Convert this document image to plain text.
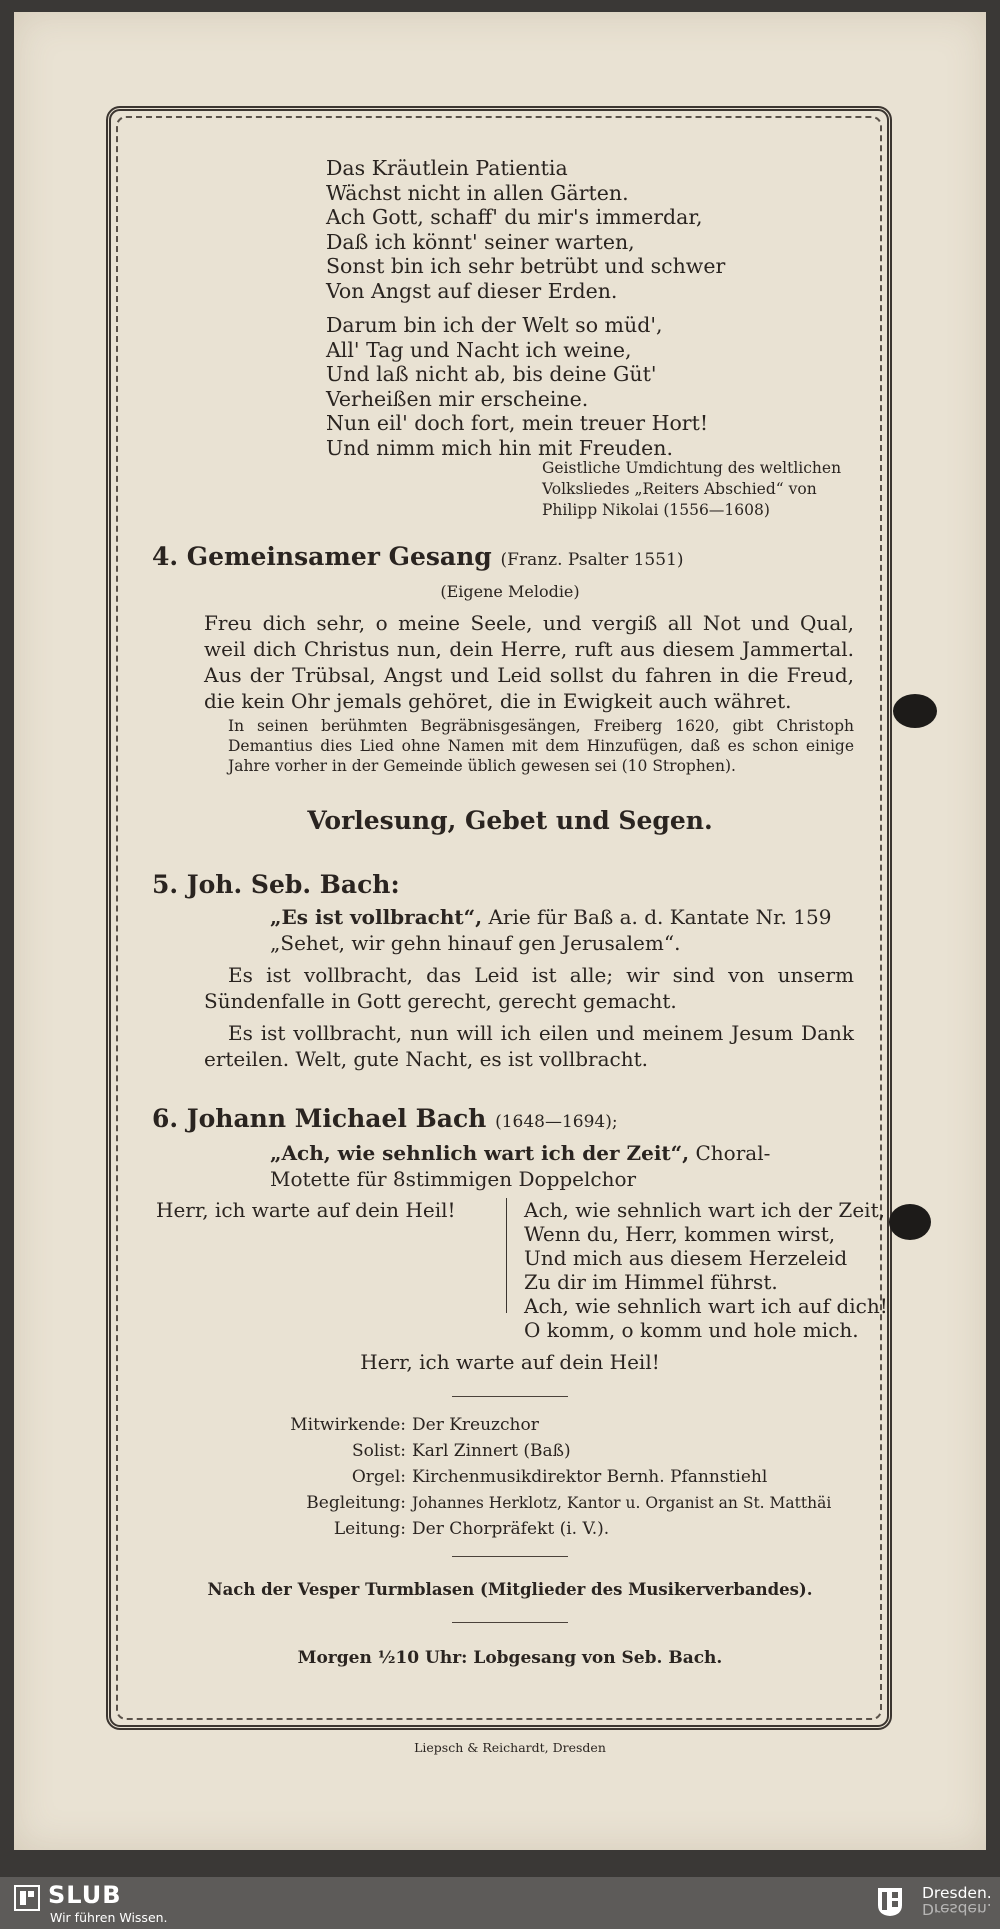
Das Kräutlein Patientia
Wächst nicht in allen Gärten.
Ach Gott, schaff' du mir's immerdar,
Daß ich könnt' seiner warten,
Sonst bin ich sehr betrübt und schwer
Von Angst auf dieser Erden.
Darum bin ich der Welt so müd',
All' Tag und Nacht ich weine,
Und laß nicht ab, bis deine Güt'
Verheißen mir erscheine.
Nun eil' doch fort, mein treuer Hort!
Und nimm mich hin mit Freuden.
Geistliche Umdichtung des weltlichen
Volksliedes „Reiters Abschied“ von
Philipp Nikolai (1556—1608)
4. Gemeinsamer Gesang (Franz. Psalter 1551)
(Eigene Melodie)
Freu dich sehr, o meine Seele, und vergiß all Not und Qual, weil dich Christus nun, dein Herre, ruft aus diesem Jammertal. Aus der Trübsal, Angst und Leid sollst du fahren in die Freud, die kein Ohr jemals gehöret, die in Ewigkeit auch währet.
In seinen berühmten Begräbnisgesängen, Freiberg 1620, gibt Christoph Demantius dies Lied ohne Namen mit dem Hinzufügen, daß es schon einige Jahre vorher in der Gemeinde üblich gewesen sei (10 Strophen).
Vorlesung, Gebet und Segen.
5. Joh. Seb. Bach:
„Es ist vollbracht“, Arie für Baß a. d. Kantate Nr. 159
„Sehet, wir gehn hinauf gen Jerusalem“.
Es ist vollbracht, das Leid ist alle; wir sind von unserm Sündenfalle in Gott gerecht, gerecht gemacht.
Es ist vollbracht, nun will ich eilen und meinem Jesum Dank erteilen. Welt, gute Nacht, es ist vollbracht.
6. Johann Michael Bach (1648—1694);
„Ach, wie sehnlich wart ich der Zeit“, Choral-
Motette für 8stimmigen Doppelchor
Herr, ich warte auf dein Heil!	Ach, wie sehnlich wart ich der Zeit,
Wenn du, Herr, kommen wirst,
Und mich aus diesem Herzeleid
Zu dir im Himmel führst.
Ach, wie sehnlich wart ich auf dich!
O komm, o komm und hole mich.
Herr, ich warte auf dein Heil!
Mitwirkende: Der Kreuzchor
Solist: Karl Zinnert (Baß)
Orgel: Kirchenmusikdirektor Bernh. Pfannstiehl
Begleitung: Johannes Herklotz, Kantor u. Organist an St. Matthäi
Leitung: Der Chorpräfekt (i. V.).
Nach der Vesper Turmblasen (Mitglieder des Musikerverbandes).
Morgen ½10 Uhr: Lobgesang von Seb. Bach.
Liepsch & Reichardt, Dresden
SLUB
Wir führen Wissen.
Dresden.
Dresden.
